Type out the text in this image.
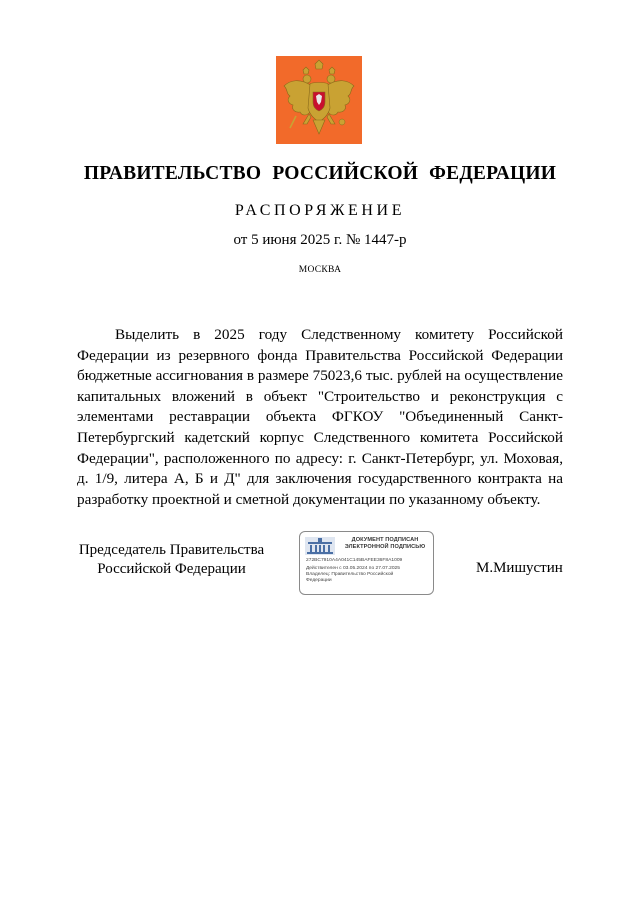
ПРАВИТЕЛЬСТВО РОССИЙСКОЙ ФЕДЕРАЦИИ
РАСПОРЯЖЕНИЕ
от 5 июня 2025 г. № 1447-р
МОСКВА

Выделить в 2025 году Следственному комитету Российской Федерации из резервного фонда Правительства Российской Федерации бюджетные ассигнования в размере 75023,6 тыс. рублей на осуществление капитальных вложений в объект "Строительство и реконструкция с элементами реставрации объекта ФГКОУ "Объединенный Санкт-Петербургский кадетский корпус Следственного комитета Российской Федерации", расположенного по адресу: г. Санкт-Петербург, ул. Моховая, д. 1/9, литера А, Б и Д" для заключения государственного контракта на разработку проектной и сметной документации по указанному объекту.

Председатель Правительства
Российской Федерации
ДОКУМЕНТ ПОДПИСАН
ЭЛЕКТРОННОЙ ПОДПИСЬЮ
272BC7910A4A041C145BAFEE36F8A1009
Действителен с 03.05.2024 по 27.07.2025
Владелец: Правительство Российской
Федерации
М.Мишустин
